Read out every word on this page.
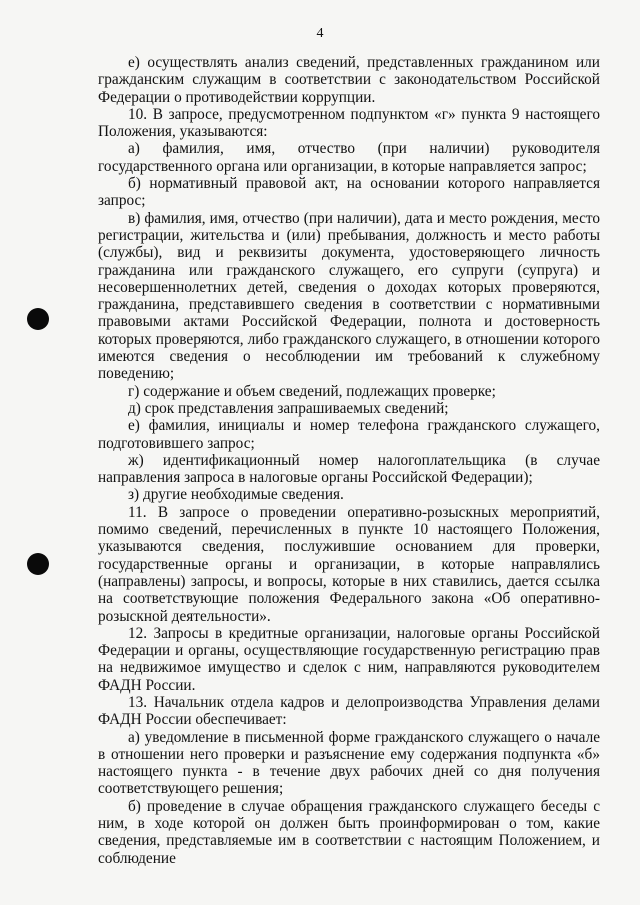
4

е) осуществлять анализ сведений, представленных гражданином или гражданским служащим в соответствии с законодательством Российской Федерации о противодействии коррупции.

10. В запросе, предусмотренном подпунктом «г» пункта 9 настоящего Положения, указываются:

а) фамилия, имя, отчество (при наличии) руководителя государственного органа или организации, в которые направляется запрос;

б) нормативный правовой акт, на основании которого направляется запрос;

в) фамилия, имя, отчество (при наличии), дата и место рождения, место регистрации, жительства и (или) пребывания, должность и место работы (службы), вид и реквизиты документа, удостоверяющего личность гражданина или гражданского служащего, его супруги (супруга) и несовершеннолетних детей, сведения о доходах которых проверяются, гражданина, представившего сведения в соответствии с нормативными правовыми актами Российской Федерации, полнота и достоверность которых проверяются, либо гражданского служащего, в отношении которого имеются сведения о несоблюдении им требований к служебному поведению;

г) содержание и объем сведений, подлежащих проверке;

д) срок представления запрашиваемых сведений;

е) фамилия, инициалы и номер телефона гражданского служащего, подготовившего запрос;

ж) идентификационный номер налогоплательщика (в случае направления запроса в налоговые органы Российской Федерации);

з) другие необходимые сведения.

11. В запросе о проведении оперативно-розыскных мероприятий, помимо сведений, перечисленных в пункте 10 настоящего Положения, указываются сведения, послужившие основанием для проверки, государственные органы и организации, в которые направлялись (направлены) запросы, и вопросы, которые в них ставились, дается ссылка на соответствующие положения Федерального закона «Об оперативно-розыскной деятельности».

12. Запросы в кредитные организации, налоговые органы Российской Федерации и органы, осуществляющие государственную регистрацию прав на недвижимое имущество и сделок с ним, направляются руководителем ФАДН России.

13. Начальник отдела кадров и делопроизводства Управления делами ФАДН России обеспечивает:

а) уведомление в письменной форме гражданского служащего о начале в отношении него проверки и разъяснение ему содержания подпункта «б» настоящего пункта - в течение двух рабочих дней со дня получения соответствующего решения;

б) проведение в случае обращения гражданского служащего беседы с ним, в ходе которой он должен быть проинформирован о том, какие сведения, представляемые им в соответствии с настоящим Положением, и соблюдение
